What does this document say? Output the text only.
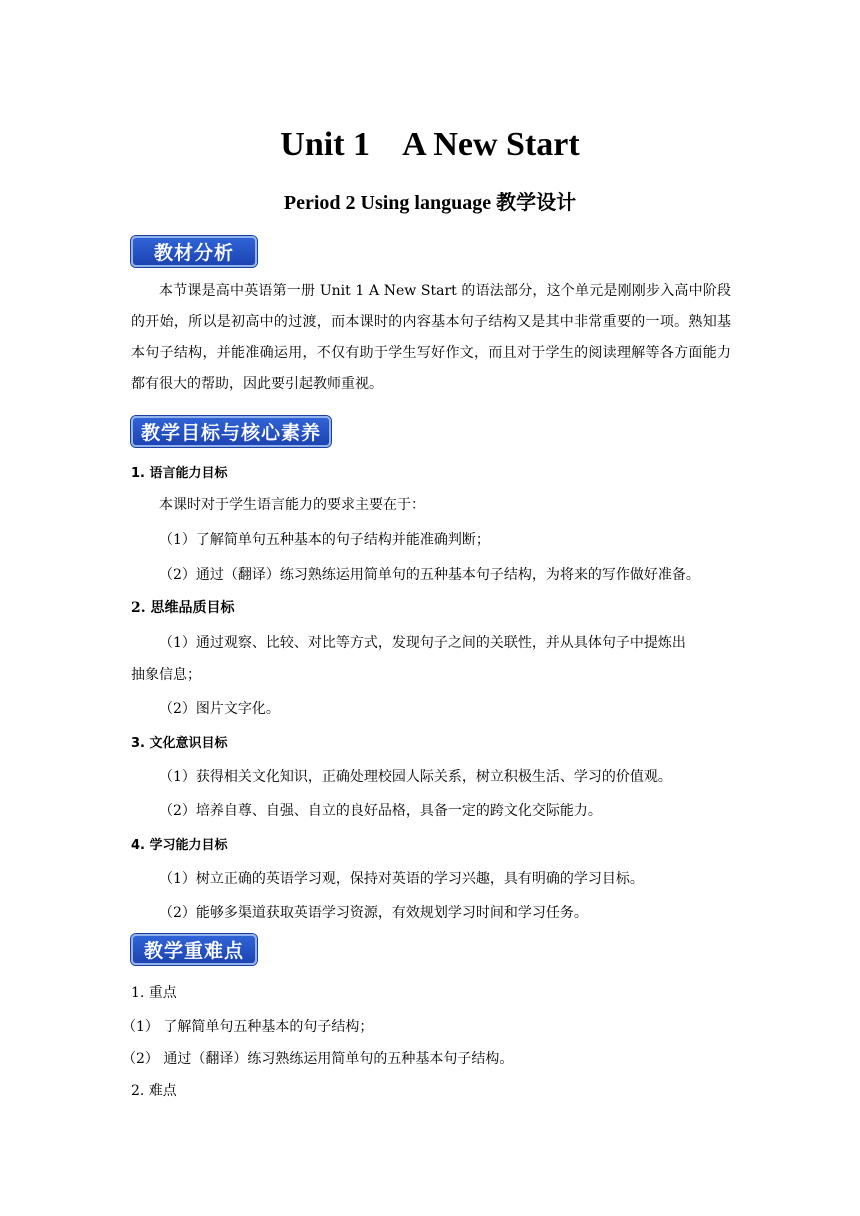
Unit 1    A New Start
Period 2 Using language 教学设计
教材分析
本节课是高中英语第一册 Unit 1 A New Start 的语法部分，这个单元是刚刚步入高中阶段的开始，所以是初高中的过渡，而本课时的内容基本句子结构又是其中非常重要的一项。熟知基本句子结构，并能准确运用，不仅有助于学生写好作文，而且对于学生的阅读理解等各方面能力都有很大的帮助，因此要引起教师重视。
教学目标与核心素养
1. 语言能力目标
本课时对于学生语言能力的要求主要在于：
（1）了解简单句五种基本的句子结构并能准确判断；
（2）通过（翻译）练习熟练运用简单句的五种基本句子结构，为将来的写作做好准备。
2. 思维品质目标
（1）通过观察、比较、对比等方式，发现句子之间的关联性，并从具体句子中提炼出
抽象信息；
（2）图片文字化。
3. 文化意识目标
（1）获得相关文化知识，正确处理校园人际关系，树立积极生活、学习的价值观。
（2）培养自尊、自强、自立的良好品格，具备一定的跨文化交际能力。
4. 学习能力目标
（1）树立正确的英语学习观，保持对英语的学习兴趣，具有明确的学习目标。
（2）能够多渠道获取英语学习资源，有效规划学习时间和学习任务。
教学重难点
1. 重点
（1） 了解简单句五种基本的句子结构；
（2） 通过（翻译）练习熟练运用简单句的五种基本句子结构。
2. 难点
